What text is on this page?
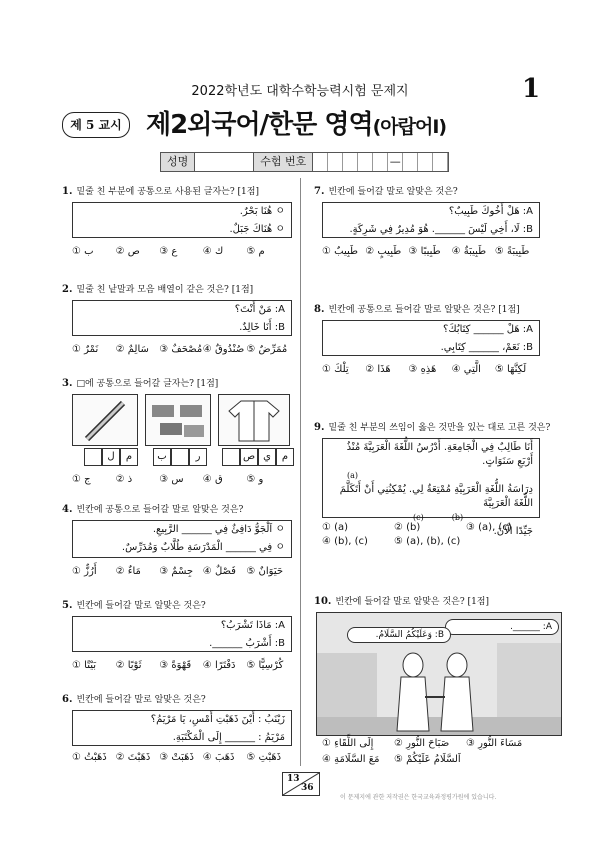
2022학년도 대학수학능력시험 문제지	1
제 5 교시 제2외국어/한문 영역(아랍어Ⅰ)
성명	수험 번호	—
1. 밑줄 친 부분에 공통으로 사용된 글자는? [1점]
ㅇ هُنَا بَحْرٌ.
ㅇ هُنَاكَ جَبَلٌ.
① ب	② ص	③ ع	④ ك	⑤ م
2. 밑줄 친 낱말과 모음 배열이 같은 것은? [1점]
A: مَنْ أَنْتَ؟
B: أَنَا خَالِدٌ.
① نَمْرٌ	② سَالِمٌ	③ مُصْحَفٌ ④ صُنْدُوقٌ ⑤ مُمَرِّضٌ
3. □에 공통으로 들어갈 글자는? [1점]
ل	م	ب	ر	ص ي	م
① ج	② ذ	③ س	④ ق	⑤ و
4. 빈칸에 공통으로 들어갈 말로 알맞은 것은?
ㅇ اَلْجَوُّ دَافِئٌ فِي ______ الرَّبِيعِ.
ㅇ فِي ______ الْمَدْرَسَةِ طُلَّابٌ وَمُدَرِّسٌ.
① أَرُزٌّ	② مَاءٌ	③ جِسْمٌ ④ فَصْلٌ	⑤ حَيَوَانٌ
5. 빈칸에 들어갈 말로 알맞은 것은?
A: مَاذَا تَشْرَبُ؟
B: أَشْرَبُ ______.
① بَيْتًا	② ثَوْبًا	③ قَهْوَةً	④ دَفْتَرًا	⑤ كُرْسِيًّا
6. 빈칸에 들어갈 말로 알맞은 것은?
زَيْنَبُ : أَيْنَ ذَهَبْتِ أَمْسِ، يَا مَرْيَمُ؟
مَرْيَمُ : ______ إِلَى الْمَكْتَبَةِ.
① ذَهَبْتُ ② ذَهَبْتَ ③ ذَهَبَتْ ④ ذَهَبَ	⑤ ذَهَبْتِ
7. 빈칸에 들어갈 말로 알맞은 것은?
A: هَلْ أَخُوكَ طَبِيبٌ؟
B: لَا، أَخِي لَيْسَ ______. هُوَ مُدِيرٌ فِي شَرِكَةٍ.
① طَبِيبٌ ② طَبِيبٍ ③ طَبِيبًا	④ طَبِيبَةٌ ⑤ طَبِيبَةً
8. 빈칸에 공통으로 들어갈 말로 알맞은 것은? [1점]
A: هَلْ ______ كِتَابُكَ؟
B: نَعَمْ، ______ كِتَابِي.
① تِلْكَ	② هَذَا	③ هَذِهِ	④ الَّتِي	⑤ لَكِنَّهَا
9. 밑줄 친 부분의 쓰임이 옳은 것만을 있는 대로 고른 것은?
أَنَا طَالِبٌ فِي الْجَامِعَةِ. أَدْرُسُ اللُّغَةَ الْعَرَبِيَّةَ مُنْذُ أَرْبَعِ سَنَوَاتٍ.
(a)
دِرَاسَةُ اللُّغَةِ الْعَرَبِيَّةِ مُمْتِعَةٌ لِي. يُمْكِنُنِي أَنْ أَتَكَلَّمَ اللُّغَةَ الْعَرَبِيَّةَ
(c)	(b)
جَيِّدًا الْآنَ.
① (a)	② (b)	③ (a), (c)
④ (b), (c)	⑤ (a), (b), (c)
10. 빈칸에 들어갈 말로 알맞은 것은? [1점]
A: ______.
B: وَعَلَيْكُمُ السَّلَامُ.
① إِلَى اللِّقَاءِ	② صَبَاحَ النُّورِ	③ مَسَاءَ النُّورِ
④ مَعَ السَّلَامَةِ	⑤ اَلسَّلَامُ عَلَيْكُمْ
13
36
이 문제지에 관한 저작권은 한국교육과정평가원에 있습니다.
